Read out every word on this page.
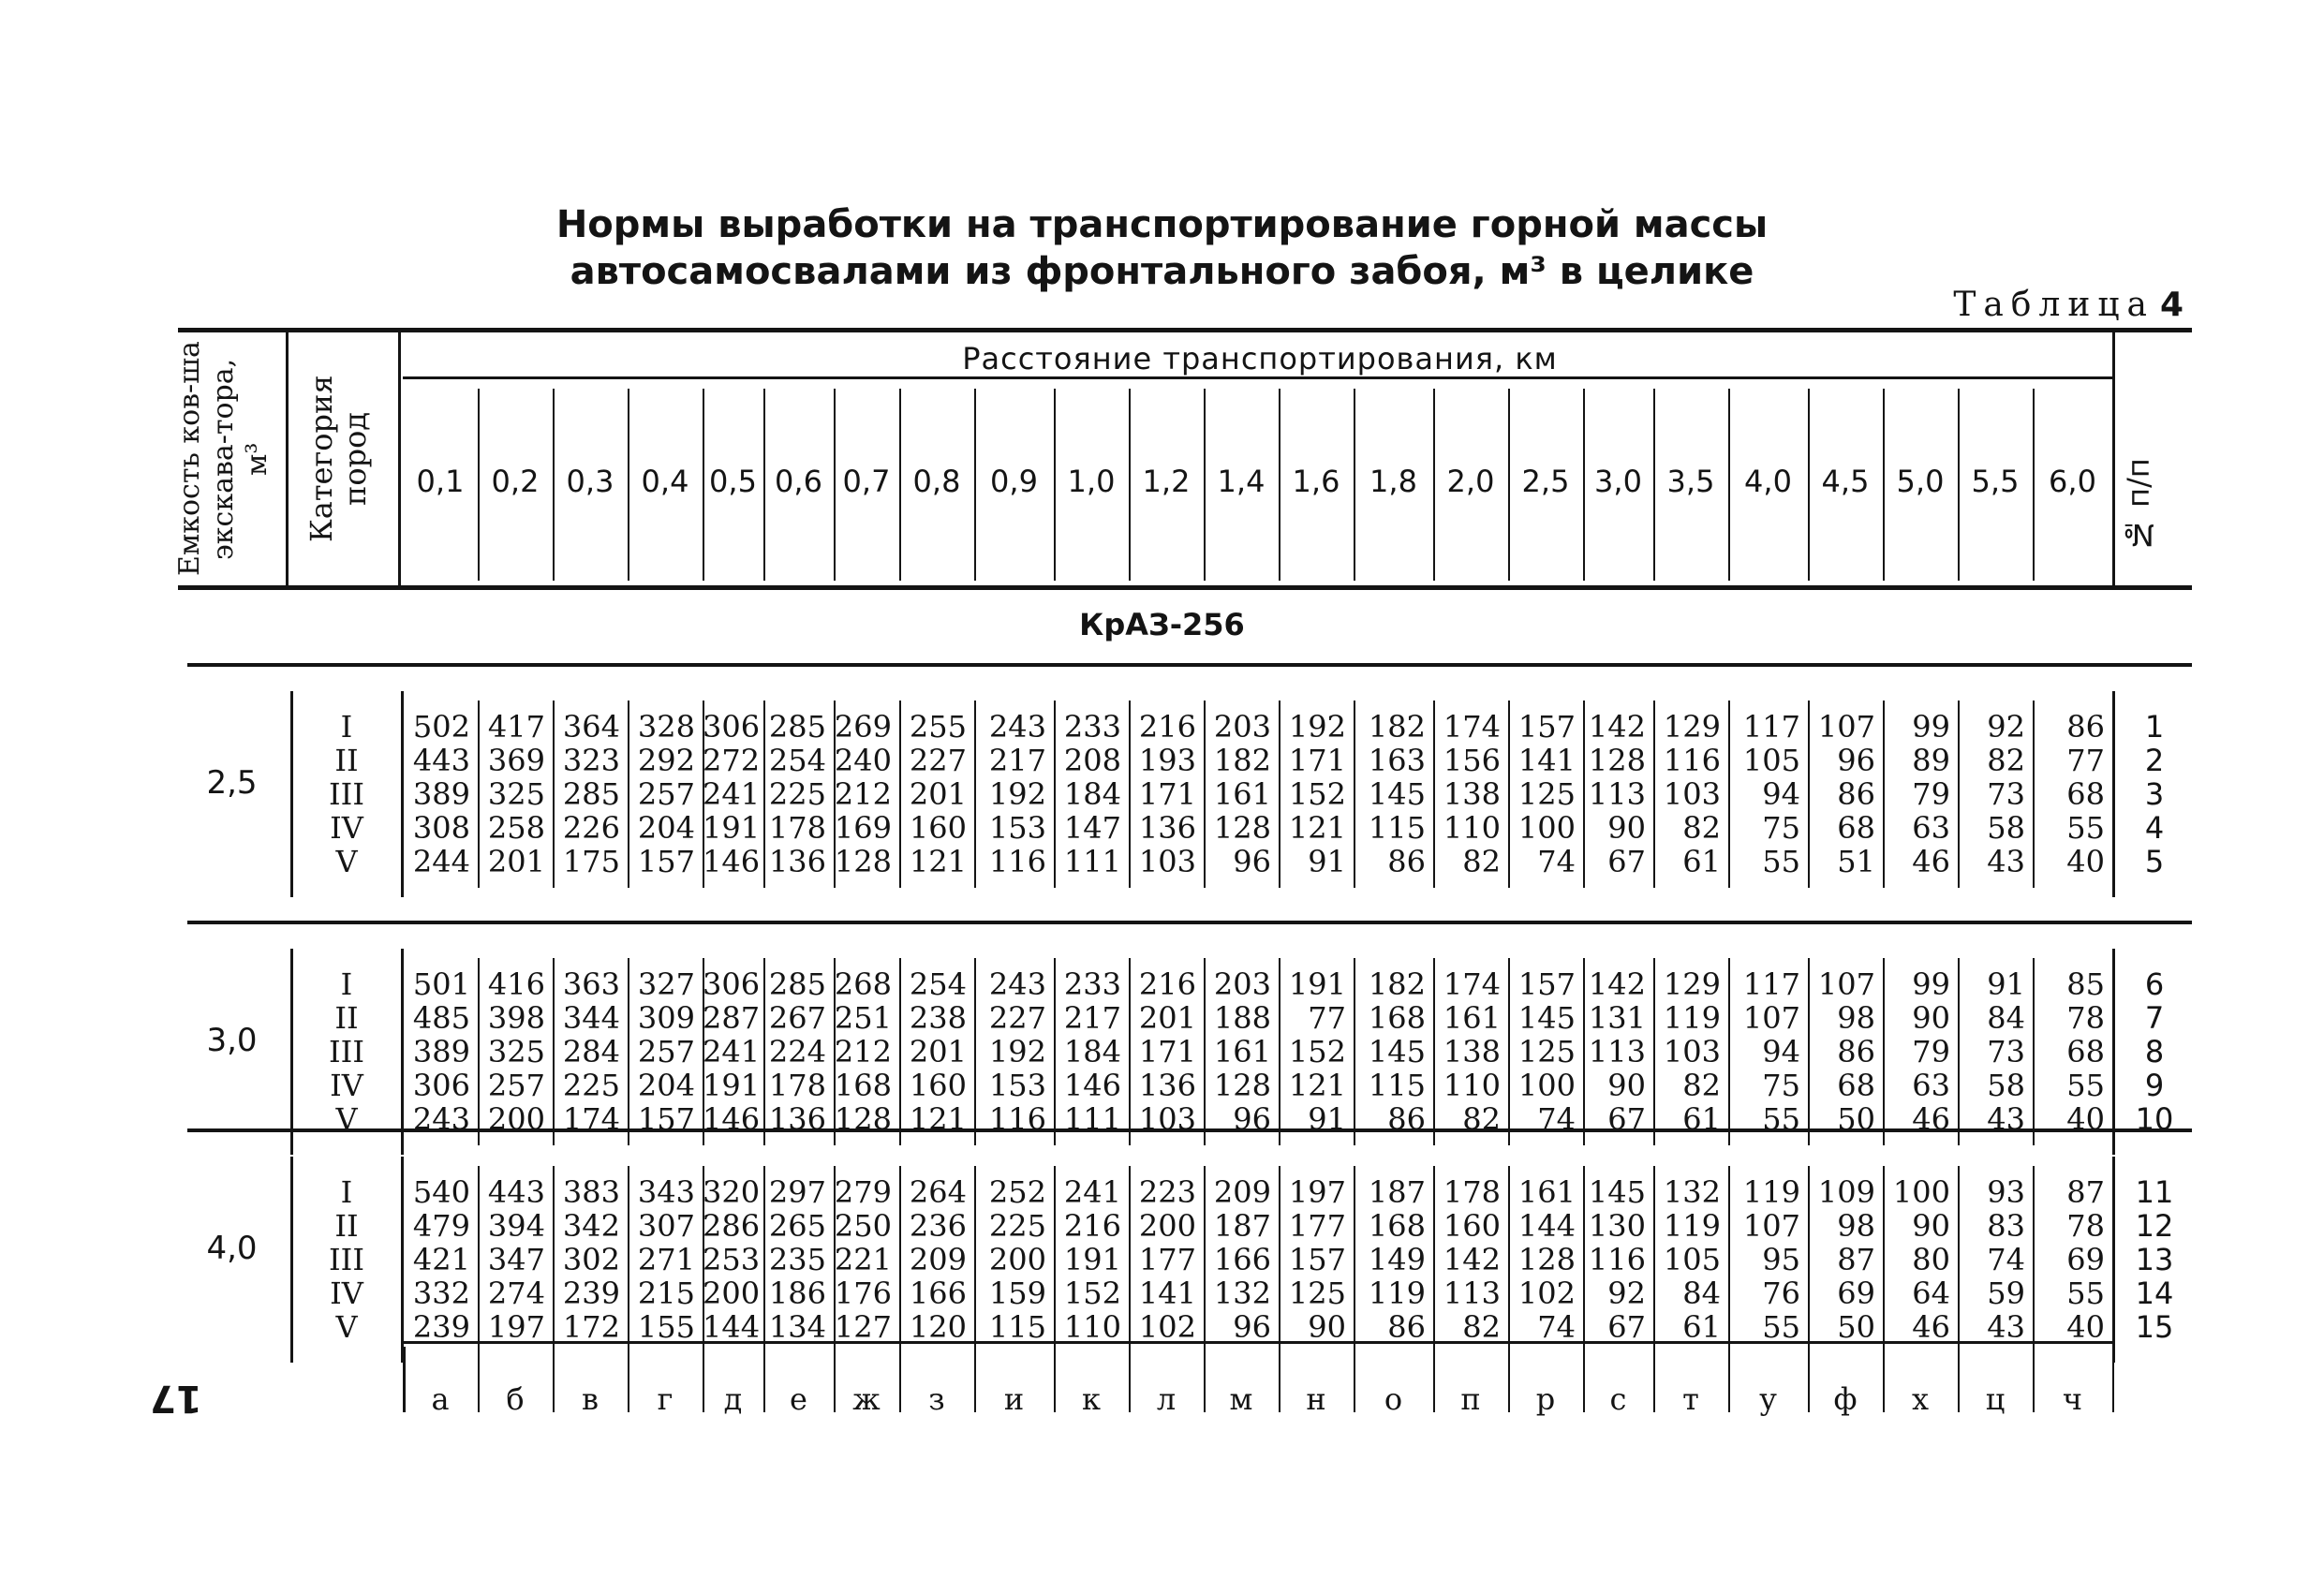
Нормы выработки на транспортирование горной массы
автосамосвалами из фронтального забоя, м³ в целике
Таблица 4
Емкость ков-ша экскава-тора, м³ Категория пород
Расстояние транспортирования, км
№ п/п
0,1 0,2 0,3 0,4 0,5 0,6 0,7 0,8 0,9 1,0 1,2 1,4 1,6 1,8 2,0 2,5 3,0 3,5 4,0 4,5 5,0 5,5 6,0
КрАЗ-256
2,5
I	502 417 364 328 306 285 269 255 243 233 216 203 192 182 174 157 142 129 117 107	99	92	86	1
II	443 369 323 292 272 254 240 227 217 208 193 182 171 163 156 141 128 116 105	96	89	82	77	2
III	389 325 285 257 241 225 212 201 192 184 171 161 152 145 138 125 113 103	94	86	79	73	68	3
IV	308 258 226 204 191 178 169 160 153 147 136 128 121 115 110 100	90	82	75	68	63	58	55	4
V	244 201 175 157 146 136 128 121 116 111 103	96	91	86	82	74	67	61	55	51	46	43	40	5
3,0
I	501 416 363 327 306 285 268 254 243 233 216 203 191 182 174 157 142 129 117 107	99	91	85	6
II	485 398 344 309 287 267 251 238 227 217 201 188	77 168 161 145 131 119 107	98	90	84	78	7
III	389 325 284 257 241 224 212 201 192 184 171 161 152 145 138 125 113 103	94	86	79	73	68	8
IV	306 257 225 204 191 178 168 160 153 146 136 128 121 115 110 100	90	82	75	68	63	58	55	9
V	243 200 174 157 146 136 128 121 116 111 103	96	91	86	82	74	67	61	55	50	46	43	40	10
4,0
I	540 443 383 343 320 297 279 264 252 241 223 209 197 187 178 161 145 132 119 109 100	93	87	11
II	479 394 342 307 286 265 250 236 225 216 200 187 177 168 160 144 130 119 107	98	90	83	78	12
III	421 347 302 271 253 235 221 209 200 191 177 166 157 149 142 128 116 105	95	87	80	74	69	13
IV	332 274 239 215 200 186 176 166 159 152 141 132 125 119 113 102	92	84	76	69	64	59	55	14
V	239 197 172 155 144 134 127 120 115 110 102	96	90	86	82	74	67	61	55	50	46	43	40	15
а	б	в	г	д	е	ж	з	и	к	л	м	н	о	п	р	с	т	у	ф	х	ц	ч
17
